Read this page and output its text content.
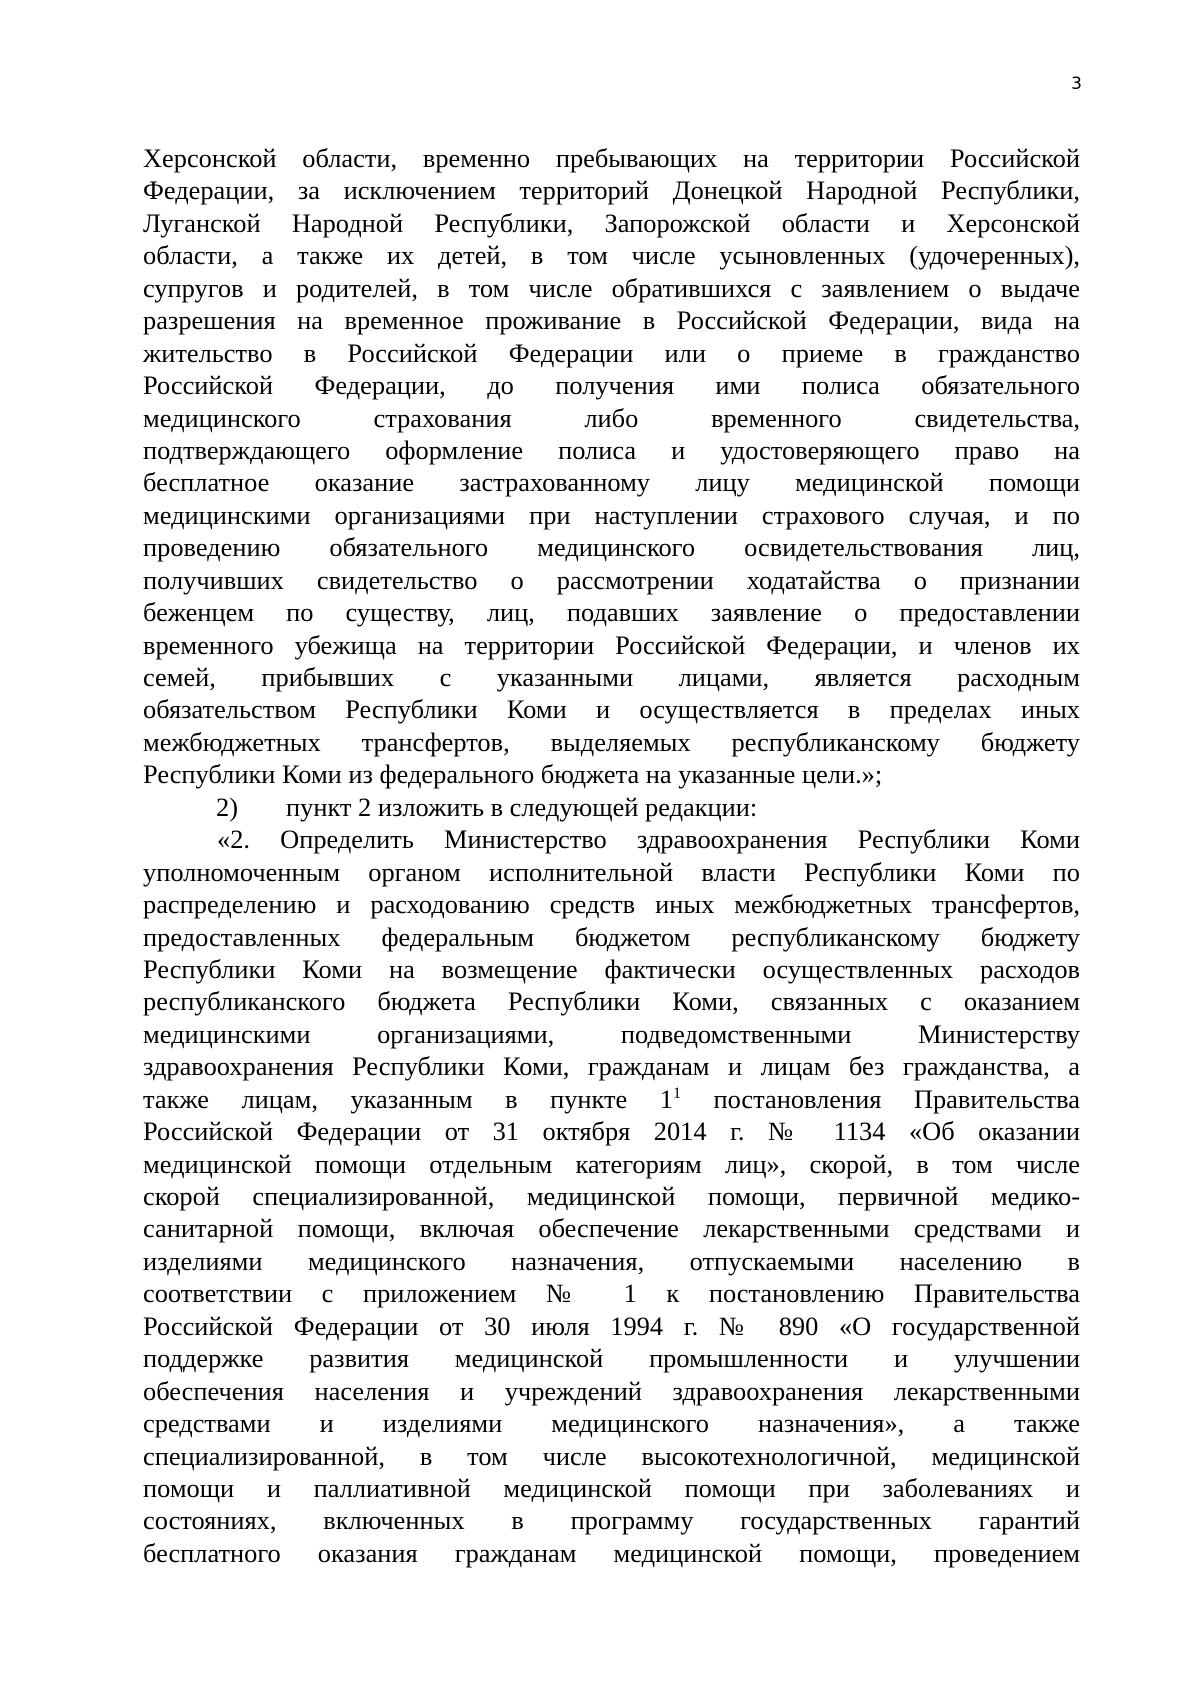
3
Херсонской области, временно пребывающих на территории Российской
Федерации, за исключением территорий Донецкой Народной Республики,
Луганской Народной Республики, Запорожской области и Херсонской
области, а также их детей, в том числе усыновленных (удочеренных),
супругов и родителей, в том числе обратившихся с заявлением о выдаче
разрешения на временное проживание в Российской Федерации, вида на
жительство в Российской Федерации или о приеме в гражданство
Российской Федерации, до получения ими полиса обязательного
медицинского страхования либо временного свидетельства,
подтверждающего оформление полиса и удостоверяющего право на
бесплатное оказание застрахованному лицу медицинской помощи
медицинскими организациями при наступлении страхового случая, и по
проведению обязательного медицинского освидетельствования лиц,
получивших свидетельство о рассмотрении ходатайства о признании
беженцем по существу, лиц, подавших заявление о предоставлении
временного убежища на территории Российской Федерации, и членов их
семей, прибывших с указанными лицами, является расходным
обязательством Республики Коми и осуществляется в пределах иных
межбюджетных трансфертов, выделяемых республиканскому бюджету
Республики Коми из федерального бюджета на указанные цели.»;
2) пункт 2 изложить в следующей редакции:
«2. Определить Министерство здравоохранения Республики Коми
уполномоченным органом исполнительной власти Республики Коми по
распределению и расходованию средств иных межбюджетных трансфертов,
предоставленных федеральным бюджетом республиканскому бюджету
Республики Коми на возмещение фактически осуществленных расходов
республиканского бюджета Республики Коми, связанных с оказанием
медицинскими организациями, подведомственными Министерству
здравоохранения Республики Коми, гражданам и лицам без гражданства, а
также лицам, указанным в пункте $1^1$ постановления Правительства
Российской Федерации от 31 октября 2014 г. № 1134 «Об оказании
медицинской помощи отдельным категориям лиц», скорой, в том числе
скорой специализированной, медицинской помощи, первичной медико-
санитарной помощи, включая обеспечение лекарственными средствами и
изделиями медицинского назначения, отпускаемыми населению в
соответствии с приложением № 1 к постановлению Правительства
Российской Федерации от 30 июля 1994 г. № 890 «О государственной
поддержке развития медицинской промышленности и улучшении
обеспечения населения и учреждений здравоохранения лекарственными
средствами и изделиями медицинского назначения», а также
специализированной, в том числе высокотехнологичной, медицинской
помощи и паллиативной медицинской помощи при заболеваниях и
состояниях, включенных в программу государственных гарантий
бесплатного оказания гражданам медицинской помощи, проведением
